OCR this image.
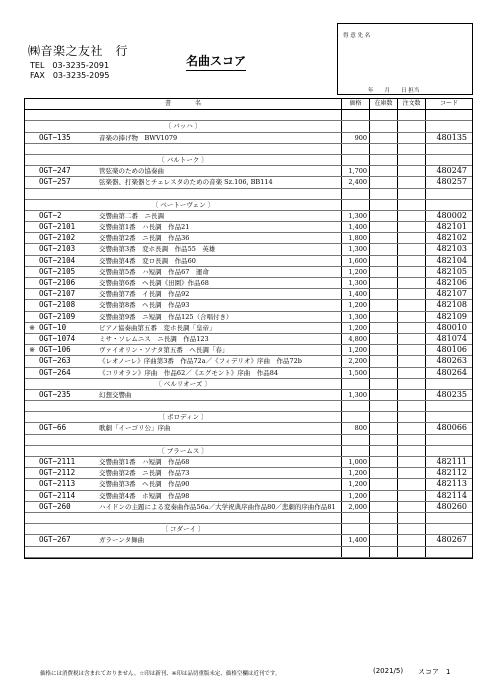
㈱音楽之友社　行
TEL　03-3235-2091
FAX　03-3235-2095
名曲スコア
得 意 先 名
年　　月　　日 担当
書　　　　名	価格	在庫数	注文数	コード
〔 バッハ 〕
OGT−135	音楽の捧げ物　BWV1079	900	480135
〔 バルトーク 〕
OGT−247	管弦楽のための協奏曲	1,700	480247
OGT−257	弦楽器、打楽器とチェレスタのための音楽 Sz.106, BB114	2,400	480257
〔 ベートーヴェン 〕
OGT−2	交響曲第二番　ニ長調	1,300	480002
OGT−2101	交響曲第1番　ハ長調　作品21	1,400	482101
OGT−2102	交響曲第2番　ニ長調　作品36	1,800	482102
OGT−2103	交響曲第3番　変ホ長調　作品55　英雄	1,300	482103
OGT−2104	交響曲第4番　変ロ長調　作品60	1,600	482104
OGT−2105	交響曲第5番　ハ短調　作品67　運命	1,200	482105
OGT−2106	交響曲第6番　ヘ長調《田園》作品68	1,300	482106
OGT−2107	交響曲第7番　イ長調　作品92	1,400	482107
OGT−2108	交響曲第8番　ヘ長調　作品93	1,200	482108
OGT−2109	交響曲第9番　ニ短調　作品125（合唱付き）	1,300	482109
※ OGT−10	ピアノ協奏曲第五番　変ホ長調「皇帝」	1,200	480010
OGT−1074	ミサ・ソレムニス　ニ長調　作品123	4,800	481074
※ OGT−106	ヴァイオリン・ソナタ第五番　ヘ長調「春」	1,200	480106
OGT−263	《レオノーレ》序曲第3番　作品72a／《フィデリオ》序曲　作品72b	2,200	480263
OGT−264	《コリオラン》序曲　作品62／《エグモント》序曲　作品84	1,500	480264
〔 ベルリオーズ 〕
OGT−235	幻想交響曲	1,300	480235
〔 ボロディン 〕
OGT−66	歌劇「イーゴリ公」序曲	800	480066
〔 ブラームス 〕
OGT−2111	交響曲第1番　ハ短調　作品68	1,000	482111
OGT−2112	交響曲第2番　ニ長調　作品73	1,200	482112
OGT−2113	交響曲第3番　ヘ長調　作品90	1,200	482113
OGT−2114	交響曲第4番　ホ短調　作品98	1,200	482114
OGT−260	ハイドンの主題による変奏曲作品56a／大学祝典序曲作品80／悲劇的序曲作品81	2,000	480260
〔 コダーイ 〕
OGT−267	ガラーンタ舞曲	1,400	480267
価格には消費税は含まれておりません。☆印は新刊、※印は品切重版未定、価格空欄は近刊です。	(2021/5) スコア　1
